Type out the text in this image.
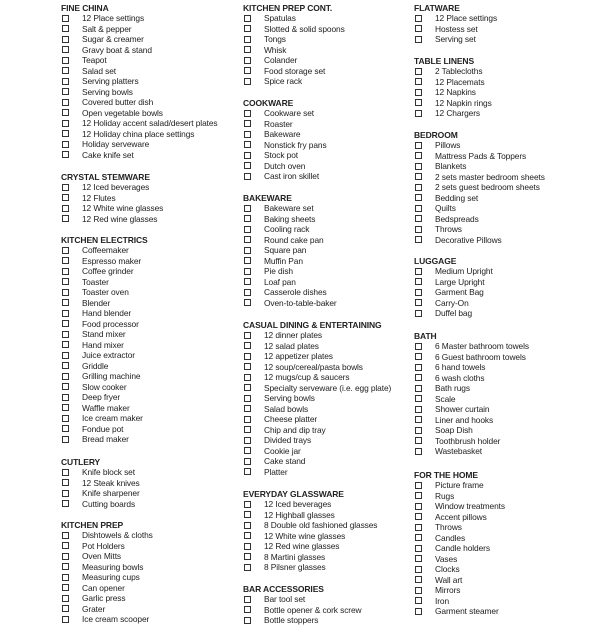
FINE CHINA
12 Place settings
Salt & pepper
Sugar & creamer
Gravy boat & stand
Teapot
Salad set
Serving platters
Serving bowls
Covered butter dish
Open vegetable bowls
12 Holiday accent salad/desert plates
12 Holiday china place settings
Holiday serveware
Cake knife set
CRYSTAL STEMWARE
12 Iced beverages
12 Flutes
12 White wine glasses
12 Red wine glasses
KITCHEN ELECTRICS
Coffeemaker
Espresso maker
Coffee grinder
Toaster
Toaster oven
Blender
Hand blender
Food processor
Stand mixer
Hand mixer
Juice extractor
Griddle
Grilling machine
Slow cooker
Deep fryer
Waffle maker
Ice cream maker
Fondue pot
Bread maker
CUTLERY
Knife block set
12 Steak knives
Knife sharpener
Cutting boards
KITCHEN PREP
Dishtowels & cloths
Pot Holders
Oven Mitts
Measuring bowls
Measuring cups
Can opener
Garlic press
Grater
Ice cream scooper
KITCHEN PREP CONT.
Spatulas
Slotted & solid spoons
Tongs
Whisk
Colander
Food storage set
Spice rack
COOKWARE
Cookware set
Roaster
Bakeware
Nonstick fry pans
Stock pot
Dutch oven
Cast iron skillet
BAKEWARE
Bakeware set
Baking sheets
Cooling rack
Round cake pan
Square pan
Muffin Pan
Pie dish
Loaf pan
Casserole dishes
Oven-to-table-baker
CASUAL DINING & ENTERTAINING
12 dinner plates
12 salad plates
12 appetizer plates
12 soup/cereal/pasta bowls
12 mugs/cup & saucers
Specialty serveware (i.e. egg plate)
Serving bowls
Salad bowls
Cheese platter
Chip and dip tray
Divided trays
Cookie jar
Cake stand
Platter
EVERYDAY GLASSWARE
12 Iced beverages
12 Highball glasses
8 Double old fashioned glasses
12 White wine glasses
12 Red wine glasses
8 Martini glasses
8 Pilsner glasses
BAR ACCESSORIES
Bar tool set
Bottle opener & cork screw
Bottle stoppers
FLATWARE
12 Place settings
Hostess set
Serving set
TABLE LINENS
2 Tablecloths
12 Placemats
12 Napkins
12 Napkin rings
12 Chargers
BEDROOM
Pillows
Mattress Pads & Toppers
Blankets
2 sets master bedroom sheets
2 sets guest bedroom sheets
Bedding set
Quilts
Bedspreads
Throws
Decorative Pillows
LUGGAGE
Medium Upright
Large Upright
Garment Bag
Carry-On
Duffel bag
BATH
6 Master bathroom towels
6 Guest bathroom towels
6 hand towels
6 wash cloths
Bath rugs
Scale
Shower curtain
Liner and hooks
Soap Dish
Toothbrush holder
Wastebasket
FOR THE HOME
Picture frame
Rugs
Window treatments
Accent pillows
Throws
Candles
Candle holders
Vases
Clocks
Wall art
Mirrors
Iron
Garment steamer
